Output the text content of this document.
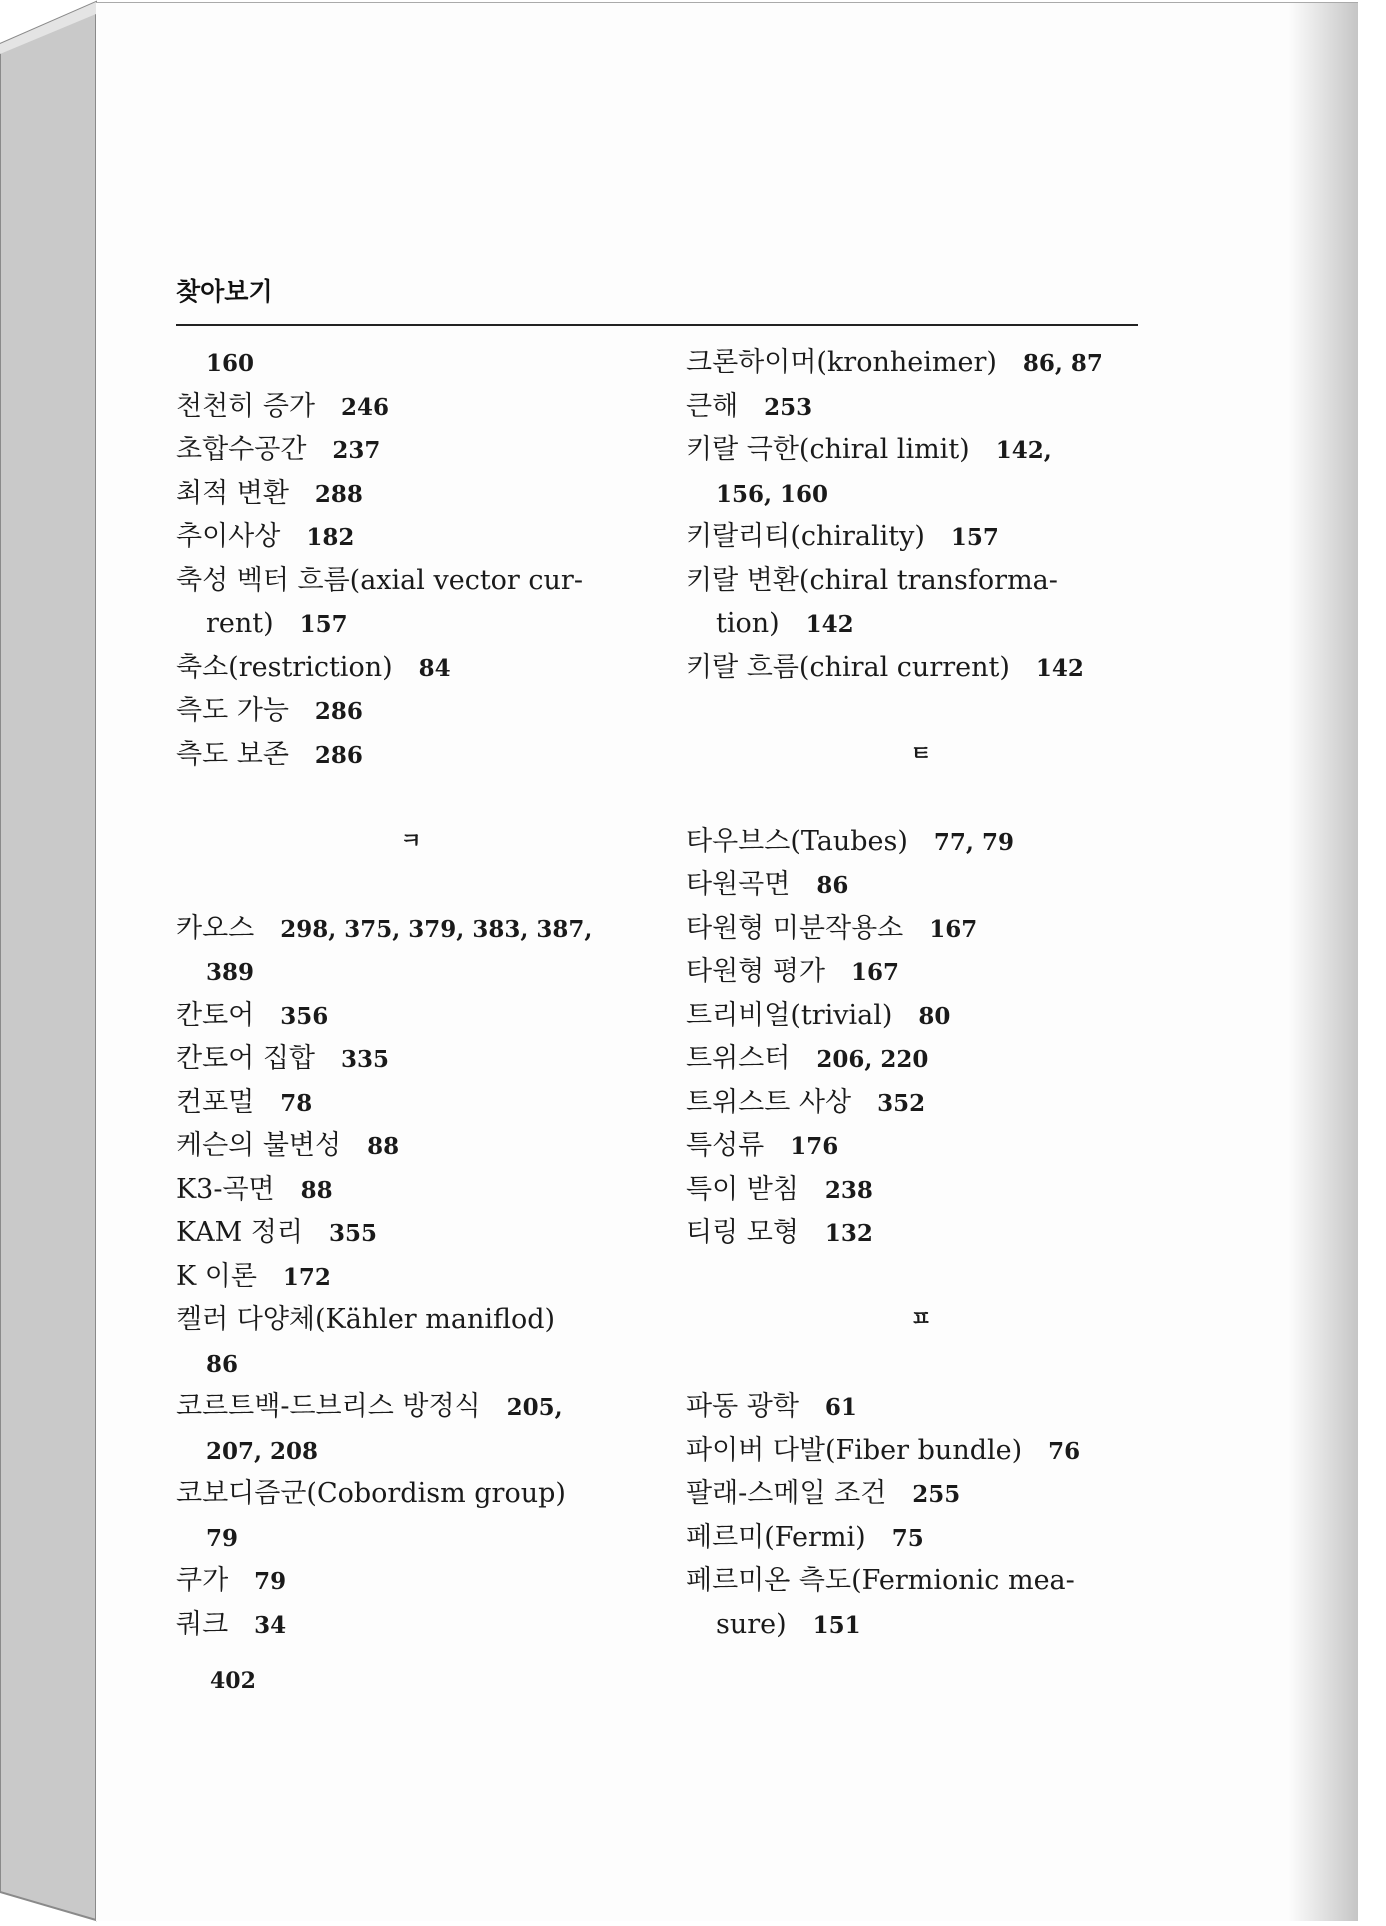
찾아보기
160
천천히 증가 246
초합수공간 237
최적 변환 288
추이사상 182
축성 벡터 흐름(axial vector cur-
rent) 157
축소(restriction) 84
측도 가능 286
측도 보존 286
ㅋ
카오스 298, 375, 379, 383, 387,
389
칸토어 356
칸토어 집합 335
컨포멀 78
케슨의 불변성 88
K3-곡면 88
KAM 정리 355
K 이론 172
켈러 다양체(Kähler maniflod)
86
코르트백-드브리스 방정식 205,
207, 208
코보디즘군(Cobordism group)
79
쿠가 79
쿼크 34
크론하이머(kronheimer) 86, 87
큰해 253
키랄 극한(chiral limit) 142,
156, 160
키랄리티(chirality) 157
키랄 변환(chiral transforma-
tion) 142
키랄 흐름(chiral current) 142
ㅌ
타우브스(Taubes) 77, 79
타원곡면 86
타원형 미분작용소 167
타원형 평가 167
트리비얼(trivial) 80
트위스터 206, 220
트위스트 사상 352
특성류 176
특이 받침 238
티링 모형 132
ㅍ
파동 광학 61
파이버 다발(Fiber bundle) 76
팔래-스메일 조건 255
페르미(Fermi) 75
페르미온 측도(Fermionic mea-
sure) 151
402
